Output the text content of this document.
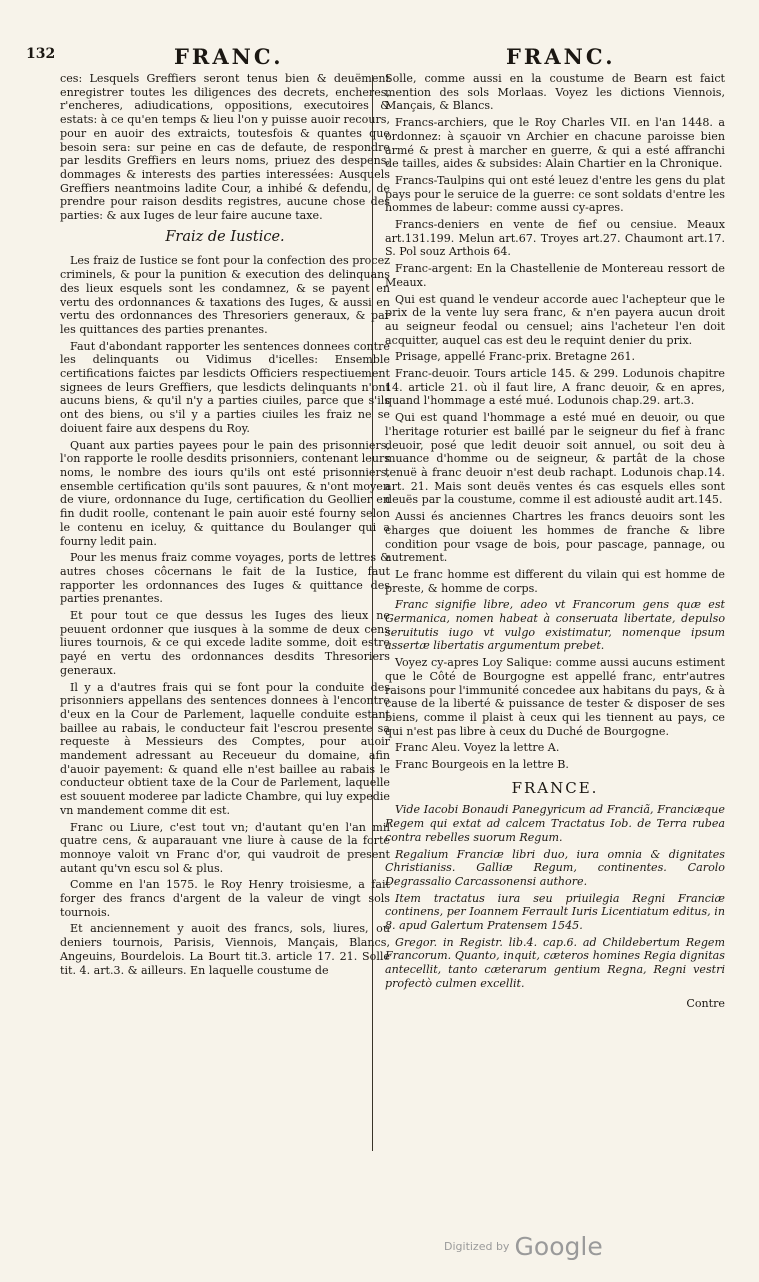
132	FRANC.	FRANC.

ces: Lesquels Greffiers seront tenus bien & deuëment enregistrer toutes les diligences des decrets, encheres, r'encheres, adiudications, oppositions, executoires & estats: à ce qu'en temps & lieu l'on y puisse auoir recours, pour en auoir des extraicts, toutesfois & quantes que besoin sera: sur peine en cas de defaute, de respondre par lesdits Greffiers en leurs noms, priuez des despens, dommages & interests des parties interessées: Ausquels Greffiers neantmoins ladite Cour, a inhibé & defendu, de prendre pour raison desdits registres, aucune chose des parties: & aux Iuges de leur faire aucune taxe.

Fraiz de Iustice.

Les fraiz de Iustice se font pour la confection des procez criminels, & pour la punition & execution des delinquans des lieux esquels sont les condamnez, & se payent en vertu des ordonnances & taxations des Iuges, & aussi en vertu des ordonnances des Thresoriers generaux, & par les quittances des parties prenantes.

Faut d'abondant rapporter les sentences donnees contre les delinquants ou Vidimus d'icelles: Ensemble certifications faictes par lesdicts Officiers respectiuement signees de leurs Greffiers, que lesdicts delinquants n'ont aucuns biens, & qu'il n'y a parties ciuiles, parce que s'ils ont des biens, ou s'il y a parties ciuiles les fraiz ne se doiuent faire aux despens du Roy.

Quant aux parties payees pour le pain des prisonniers, l'on rapporte le roolle desdits prisonniers, contenant leurs noms, le nombre des iours qu'ils ont esté prisonniers, ensemble certification qu'ils sont pauures, & n'ont moyen de viure, ordonnance du Iuge, certification du Geollier en fin dudit roolle, contenant le pain auoir esté fourny selon le contenu en iceluy, & quittance du Boulanger qui a fourny ledit pain.

Pour les menus fraiz comme voyages, ports de lettres & autres choses côcernans le fait de la Iustice, faut rapporter les ordonnances des Iuges & quittance des parties prenantes.

Et pour tout ce que dessus les Iuges des lieux ne peuuent ordonner que iusques à la somme de deux cens liures tournois, & ce qui excede ladite somme, doit estre payé en vertu des ordonnances desdits Thresoriers generaux.

Il y a d'autres frais qui se font pour la conduite des prisonniers appellans des sentences donnees à l'encontre d'eux en la Cour de Parlement, laquelle conduite estant baillee au rabais, le conducteur fait l'escrou presente sa requeste à Messieurs des Comptes, pour auoir mandement adressant au Receueur du domaine, afin d'auoir payement: & quand elle n'est baillee au rabais le conducteur obtient taxe de la Cour de Parlement, laquelle est souuent moderee par ladicte Chambre, qui luy expedie vn mandement comme dit est.

Franc ou Liure, c'est tout vn; d'autant qu'en l'an mil quatre cens, & auparauant vne liure à cause de la forte monnoye valoit vn Franc d'or, qui vaudroit de present autant qu'vn escu sol & plus.

Comme en l'an 1575. le Roy Henry troisiesme, a fait forger des francs d'argent de la valeur de vingt sols tournois.

Et anciennement y auoit des francs, sols, liures, ou deniers tournois, Parisis, Viennois, Mançais, Blancs, Angeuins, Bourdelois. La Bourt tit.3. article 17. 21. Solle tit. 4. art.3. & ailleurs. En laquelle coustume de

Solle, comme aussi en la coustume de Bearn est faict mention des sols Morlaas. Voyez les dictions Viennois, Mançais, & Blancs.

Francs-archiers, que le Roy Charles VII. en l'an 1448. a ordonnez: à sçauoir vn Archier en chacune paroisse bien armé & prest à marcher en guerre, & qui a esté affranchi de tailles, aides & subsides: Alain Chartier en la Chronique.

Francs-Taulpins qui ont esté leuez d'entre les gens du plat pays pour le seruice de la guerre: ce sont soldats d'entre les hommes de labeur: comme aussi cy-apres.

Francs-deniers en vente de fief ou censiue. Meaux art.131.199. Melun art.67. Troyes art.27. Chaumont art.17. S. Pol souz Arthois 64.

Franc-argent: En la Chastellenie de Montereau ressort de Meaux.

Qui est quand le vendeur accorde auec l'achepteur que le prix de la vente luy sera franc, & n'en payera aucun droit au seigneur feodal ou censuel; ains l'acheteur l'en doit acquitter, auquel cas est deu le requint denier du prix.

Prisage, appellé Franc-prix. Bretagne 261.

Franc-deuoir. Tours article 145. & 299. Lodunois chapitre 14. article 21. où il faut lire, A franc deuoir, & en apres, quand l'hommage a esté mué. Lodunois chap.29. art.3.

Qui est quand l'hommage a esté mué en deuoir, ou que l'heritage roturier est baillé par le seigneur du fief à franc deuoir, posé que ledit deuoir soit annuel, ou soit deu à muance d'homme ou de seigneur, & partât de la chose tenuë à franc deuoir n'est deub rachapt. Lodunois chap.14. art. 21. Mais sont deuës ventes és cas esquels elles sont deuës par la coustume, comme il est adiousté audit art.145.

Aussi és anciennes Chartres les francs deuoirs sont les charges que doiuent les hommes de franche & libre condition pour vsage de bois, pour pascage, pannage, ou autrement.

Le franc homme est different du vilain qui est homme de preste, & homme de corps.

Franc signifie libre, adeo vt Francorum gens quæ est Germanica, nomen habeat à conseruata libertate, depulso seruitutis iugo vt vulgo existimatur, nomenque ipsum assertæ libertatis argumentum prebet.

Voyez cy-apres Loy Salique: comme aussi aucuns estiment que le Côté de Bourgogne est appellé franc, entr'autres raisons pour l'immunité concedee aux habitans du pays, & à cause de la liberté & puissance de tester & disposer de ses biens, comme il plaist à ceux qui les tiennent au pays, ce qui n'est pas libre à ceux du Duché de Bourgogne.

Franc Aleu. Voyez la lettre A.

Franc Bourgeois en la lettre B.

FRANCE.

Vide Iacobi Bonaudi Panegyricum ad Franciã, Franciæque Regem qui extat ad calcem Tractatus Iob. de Terra rubea contra rebelles suorum Regum.

Regalium Franciæ libri duo, iura omnia & dignitates Christianiss. Galliæ Regum, continentes. Carolo Degrassalio Carcassonensi authore.

Item tractatus iura seu priuilegia Regni Franciæ continens, per Ioannem Ferrault Iuris Licentiatum editus, in 8. apud Galertum Pratensem 1545.

Gregor. in Registr. lib.4. cap.6. ad Childebertum Regem Francorum. Quanto, inquit, cæteros homines Regia dignitas antecellit, tanto cæterarum gentium Regna, Regni vestri profectò culmen excellit.

Contre

Digitized by Google
